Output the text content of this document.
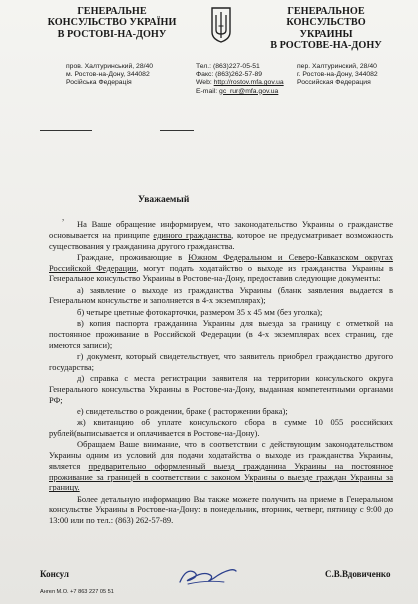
ГЕНЕРАЛЬНЕ
КОНСУЛЬСТВО УКРАЇНИ
В РОСТОВІ-НА-ДОНУ
ГЕНЕРАЛЬНОЕ
КОНСУЛЬСТВО УКРАИНЫ
В РОСТОВЕ-НА-ДОНУ
пров. Халтуринський, 28/40
м. Ростов-на-Дону, 344082
Російська Федерація
Тел.: (863)227-05-51
Факс: (863)262-57-89
Web: http://rostov.mfa.gov.ua
E-mail: gc_rur@mfa.gov.ua
пер. Халтуринский, 28/40
г. Ростов-на-Дону, 344082
Российская Федерация
Уважаемый
,

На Ваше обращение информируем, что законодательство Украины о гражданстве основывается на принципе единого гражданства, которое не предусматривает возможность существования у гражданина другого гражданства.

Граждане, проживающие в Южном Федеральном и Северо-Кавказском округах Российской Федерации, могут подать ходатайство о выходе из гражданства Украины в Генеральное консульство Украины в Ростове-на-Дону, предоставив следующие документы:

а) заявление о выходе из гражданства Украины (бланк заявления выдается в Генеральном консульстве и заполняется в 4-х экземплярах);

б) четыре цветные фотокарточки, размером 35 х 45 мм (без уголка);

в) копия паспорта гражданина Украины для выезда за границу с отметкой на постоянное проживание в Российской Федерации (в 4-х экземплярах всех страниц, где имеются записи);

г) документ, который свидетельствует, что заявитель приобрел гражданство другого государства;

д) справка с места регистрации заявителя на территории консульского округа Генерального консульства Украины в Ростове-на-Дону, выданная компетентными органами РФ;

е) свидетельство о рождении, браке ( расторжении брака);

ж) квитанцию об уплате консульского сбора в сумме 10 055 российских рублей(выписывается и оплачивается в Ростове-на-Дону).

Обращаем Ваше внимание, что в соответствии с действующим законодательством Украины одним из условий для подачи ходатайства о выходе из гражданства Украины, является предварительно оформленный выезд гражданина Украины на постоянное проживание за границей в соответствии с законом Украины о выезде граждан Украины за границу.

Более детальную информацию Вы также можете получить на приеме в Генеральном консульстве Украины в Ростове-на-Дону: в понедельник, вторник, четверг, пятницу с 9:00 до 13:00 или по тел.: (863) 262-57-89.

Консул	С.В.Вдовиченко
Ангел М.О. +7 863 227 05 51
